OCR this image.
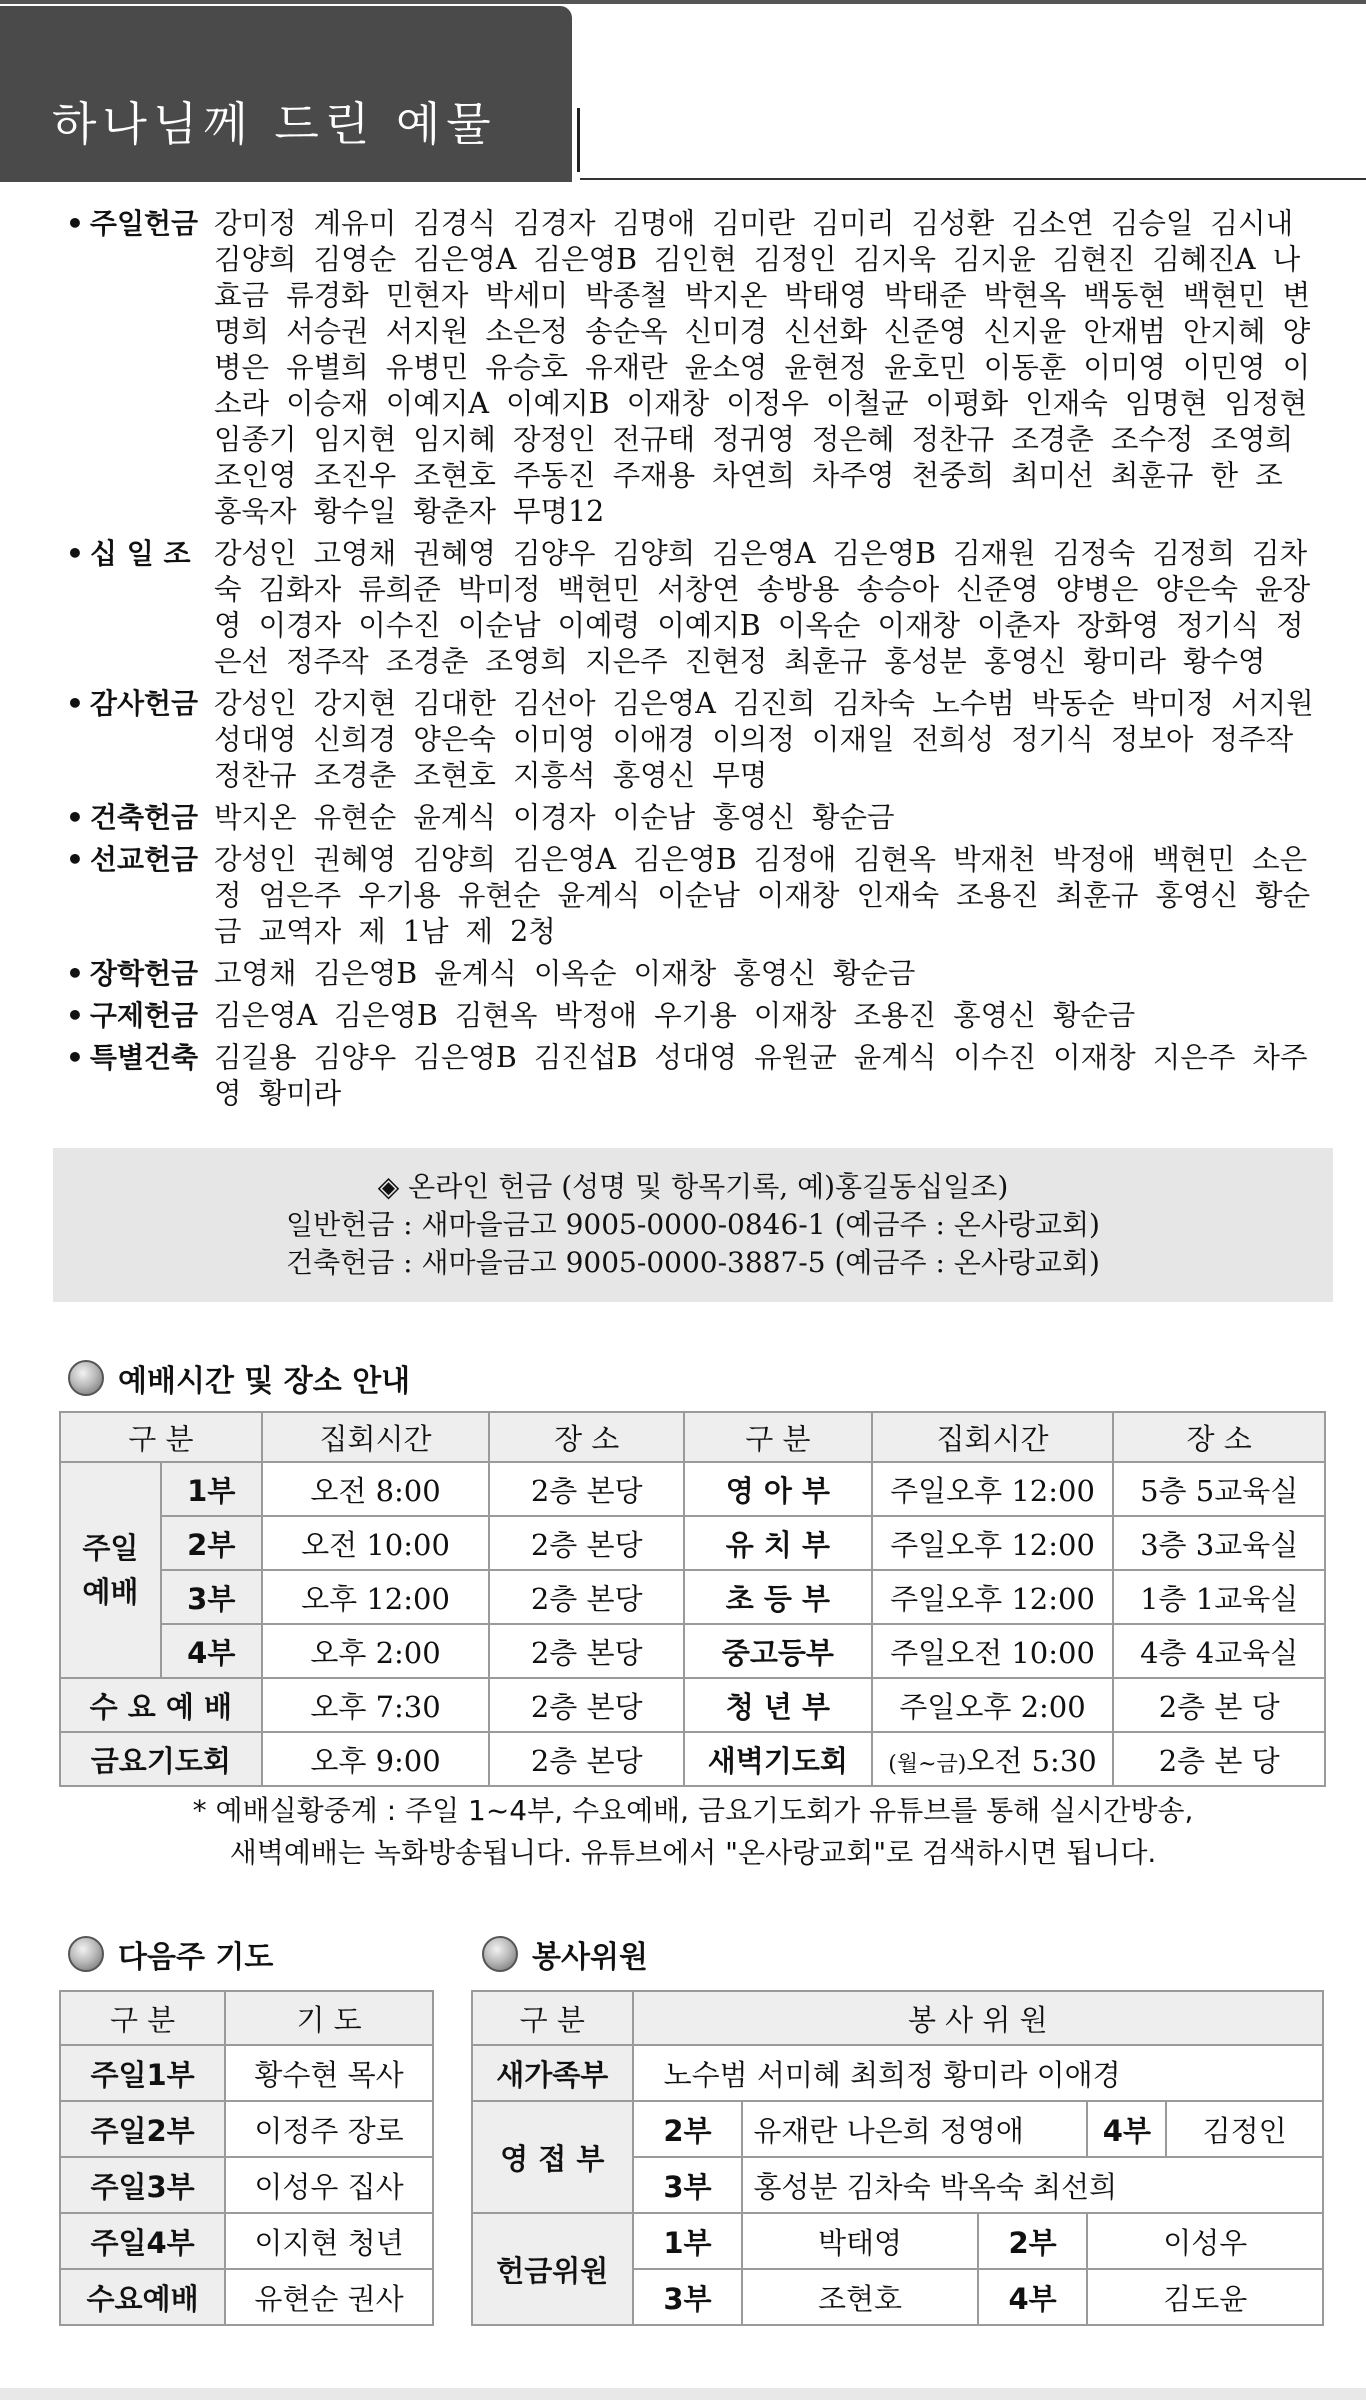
하나님께 드린 예물
• 주일헌금 강미정 계유미 김경식 김경자 김명애 김미란 김미리 김성환 김소연 김승일 김시내 김양희 김영순 김은영A 김은영B 김인현 김정인 김지욱 김지윤 김현진 김혜진A 나효금 류경화 민현자 박세미 박종철 박지온 박태영 박태준 박현옥 백동현 백현민 변명희 서승권 서지원 소은정 송순옥 신미경 신선화 신준영 신지윤 안재범 안지혜 양병은 유별희 유병민 유승호 유재란 윤소영 윤현정 윤호민 이동훈 이미영 이민영 이소라 이승재 이예지A 이예지B 이재창 이정우 이철균 이평화 인재숙 임명현 임정현 임종기 임지현 임지혜 장정인 전규태 정귀영 정은혜 정찬규 조경춘 조수정 조영희 조인영 조진우 조현호 주동진 주재용 차연희 차주영 천중희 최미선 최훈규 한 조 홍욱자 황수일 황춘자 무명12
• 십 일 조 강성인 고영채 권혜영 김양우 김양희 김은영A 김은영B 김재원 김정숙 김정희 김차숙 김화자 류희준 박미정 백현민 서창연 송방용 송승아 신준영 양병은 양은숙 윤장영 이경자 이수진 이순남 이예령 이예지B 이옥순 이재창 이춘자 장화영 정기식 정은선 정주작 조경춘 조영희 지은주 진현정 최훈규 홍성분 홍영신 황미라 황수영
• 감사헌금 강성인 강지현 김대한 김선아 김은영A 김진희 김차숙 노수범 박동순 박미정 서지원 성대영 신희경 양은숙 이미영 이애경 이의정 이재일 전희성 정기식 정보아 정주작 정찬규 조경춘 조현호 지흥석 홍영신 무명
• 건축헌금 박지온 유현순 윤계식 이경자 이순남 홍영신 황순금
• 선교헌금 강성인 권혜영 김양희 김은영A 김은영B 김정애 김현옥 박재천 박정애 백현민 소은정 엄은주 우기용 유현순 윤계식 이순남 이재창 인재숙 조용진 최훈규 홍영신 황순금 교역자 제 1남 제 2청
• 장학헌금 고영채 김은영B 윤계식 이옥순 이재창 홍영신 황순금
• 구제헌금 김은영A 김은영B 김현옥 박정애 우기용 이재창 조용진 홍영신 황순금
• 특별건축 김길용 김양우 김은영B 김진섭B 성대영 유원균 윤계식 이수진 이재창 지은주 차주영 황미라
◈ 온라인 헌금 (성명 및 항목기록, 예)홍길동십일조)
일반헌금 : 새마을금고 9005-0000-0846-1 (예금주 : 온사랑교회)
건축헌금 : 새마을금고 9005-0000-3887-5 (예금주 : 온사랑교회)
예배시간 및 장소 안내
구 분		집회시간	장 소	구 분	집회시간	장 소
주일
예배	1부	오전 8:00	2층 본당	영 아 부	주일오후 12:00	5층 5교육실
	2부	오전 10:00	2층 본당	유 치 부	주일오후 12:00	3층 3교육실
	3부	오후 12:00	2층 본당	초 등 부	주일오후 12:00	1층 1교육실
	4부	오후 2:00	2층 본당	중고등부	주일오전 10:00	4층 4교육실
수 요 예 배		오후 7:30	2층 본당	청 년 부	주일오후 2:00	2층 본 당
금요기도회		오후 9:00	2층 본당	새벽기도회	(월~금)오전 5:30	2층 본 당
* 예배실황중계 : 주일 1~4부, 수요예배, 금요기도회가 유튜브를 통해 실시간방송,
새벽예배는 녹화방송됩니다. 유튜브에서 "온사랑교회"로 검색하시면 됩니다.
다음주 기도
구 분	기 도
주일1부	황수현 목사
주일2부	이정주 장로
주일3부	이성우 집사
주일4부	이지현 청년
수요예배	유현순 권사
봉사위원
구 분	봉 사 위 원				
새가족부	노수범 서미혜 최희정 황미라 이애경				
영 접 부	2부	유재란 나은희 정영애		4부	김정인
	3부	홍성분 김차숙 박옥숙 최선희			
헌금위원	1부	박태영	2부	이성우	
	3부	조현호	4부	김도윤	
